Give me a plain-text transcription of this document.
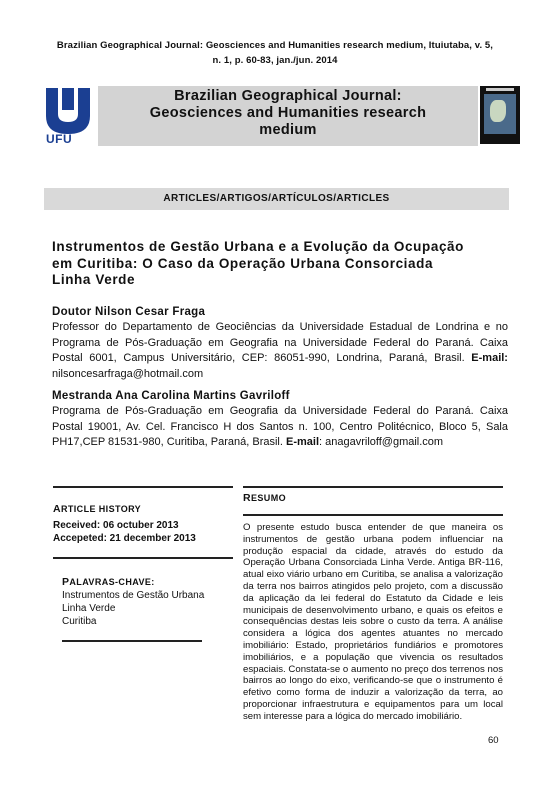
Brazilian Geographical Journal: Geosciences and Humanities research medium, Ituiutaba, v. 5,
n. 1, p. 60-83, jan./jun. 2014
UFU
Brazilian Geographical Journal:
Geosciences and Humanities research
medium
ARTICLES/ARTIGOS/ARTÍCULOS/ARTICLES
Instrumentos de Gestão Urbana e a Evolução da Ocupação
em Curitiba: O Caso da Operação Urbana Consorciada
Linha Verde
Doutor Nilson Cesar Fraga
Professor do Departamento de Geociências da Universidade Estadual de Londrina e no Programa de Pós-Graduação em Geografia na Universidade Federal do Paraná. Caixa Postal 6001, Campus Universitário, CEP: 86051-990, Londrina, Paraná, Brasil. E-mail: nilsoncesarfraga@hotmail.com
Mestranda Ana Carolina Martins Gavriloff
Programa de Pós-Graduação em Geografia da Universidade Federal do Paraná. Caixa Postal 19001, Av. Cel. Francisco H dos Santos n. 100, Centro Politécnico, Bloco 5, Sala PH17,CEP 81531-980, Curitiba, Paraná, Brasil. E-mail: anagavriloff@gmail.com
ARTICLE HISTORY
Received: 06 octuber 2013
Accepeted: 21 december 2013
PALAVRAS-CHAVE:
Instrumentos de Gestão Urbana
Linha Verde
Curitiba
RESUMO
O presente estudo busca entender de que maneira os instrumentos de gestão urbana podem influenciar na produção espacial da cidade, através do estudo da Operação Urbana Consorciada Linha Verde. Antiga BR-116, atual eixo viário urbano em Curitiba, se analisa a valorização da terra nos bairros atingidos pelo projeto, com a discussão da aplicação da lei federal do Estatuto da Cidade e leis municipais de desenvolvimento urbano, e quais os efeitos e consequências destas leis sobre o custo da terra. A análise considera a lógica dos agentes atuantes no mercado imobiliário: Estado, proprietários fundiários e promotores imobiliários, e a população que vivencia os resultados espaciais. Constata-se o aumento no preço dos terrenos nos bairros ao longo do eixo, verificando-se que o instrumento é efetivo como forma de induzir a valorização da terra, ao proporcionar infraestrutura e equipamentos para um local sem interesse para a lógica do mercado imobiliário.
60
